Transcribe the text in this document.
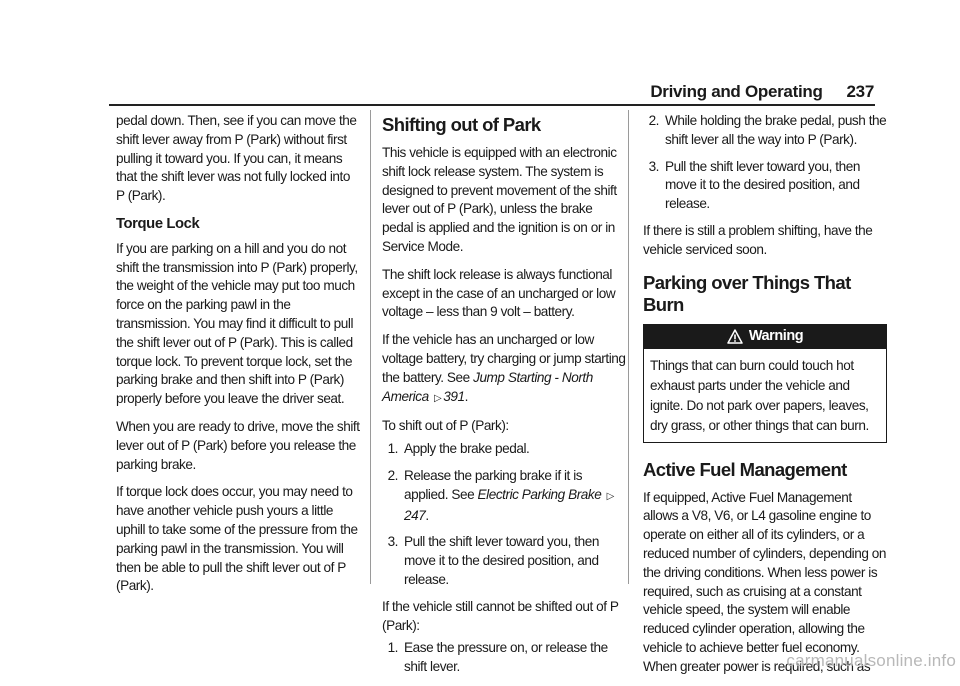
Driving and Operating 237

pedal down. Then, see if you can move the shift lever away from P (Park) without first pulling it toward you. If you can, it means that the shift lever was not fully locked into P (Park).

Torque Lock

If you are parking on a hill and you do not shift the transmission into P (Park) properly, the weight of the vehicle may put too much force on the parking pawl in the transmission. You may find it difficult to pull the shift lever out of P (Park). This is called torque lock. To prevent torque lock, set the parking brake and then shift into P (Park) properly before you leave the driver seat.

When you are ready to drive, move the shift lever out of P (Park) before you release the parking brake.

If torque lock does occur, you may need to have another vehicle push yours a little uphill to take some of the pressure from the parking pawl in the transmission. You will then be able to pull the shift lever out of P (Park).

Shifting out of Park

This vehicle is equipped with an electronic shift lock release system. The system is designed to prevent movement of the shift lever out of P (Park), unless the brake pedal is applied and the ignition is on or in Service Mode.

The shift lock release is always functional except in the case of an uncharged or low voltage – less than 9 volt – battery.

If the vehicle has an uncharged or low voltage battery, try charging or jump starting the battery. See Jump Starting - North America ▷ 391.

To shift out of P (Park):

1. Apply the brake pedal.
2. Release the parking brake if it is applied. See Electric Parking Brake ▷247.
3. Pull the shift lever toward you, then move it to the desired position, and release.

If the vehicle still cannot be shifted out of P (Park):

1. Ease the pressure on, or release the shift lever.
2. While holding the brake pedal, push the shift lever all the way into P (Park).
3. Pull the shift lever toward you, then move it to the desired position, and release.

If there is still a problem shifting, have the vehicle serviced soon.

Parking over Things That Burn
Warning
Things that can burn could touch hot exhaust parts under the vehicle and ignite. Do not park over papers, leaves, dry grass, or other things that can burn.
Active Fuel Management

If equipped, Active Fuel Management allows a V8, V6, or L4 gasoline engine to operate on either all of its cylinders, or a reduced number of cylinders, depending on the driving conditions. When less power is required, such as cruising at a constant vehicle speed, the system will enable reduced cylinder operation, allowing the vehicle to achieve better fuel economy. When greater power is required, such as

carmanualsonline.info
